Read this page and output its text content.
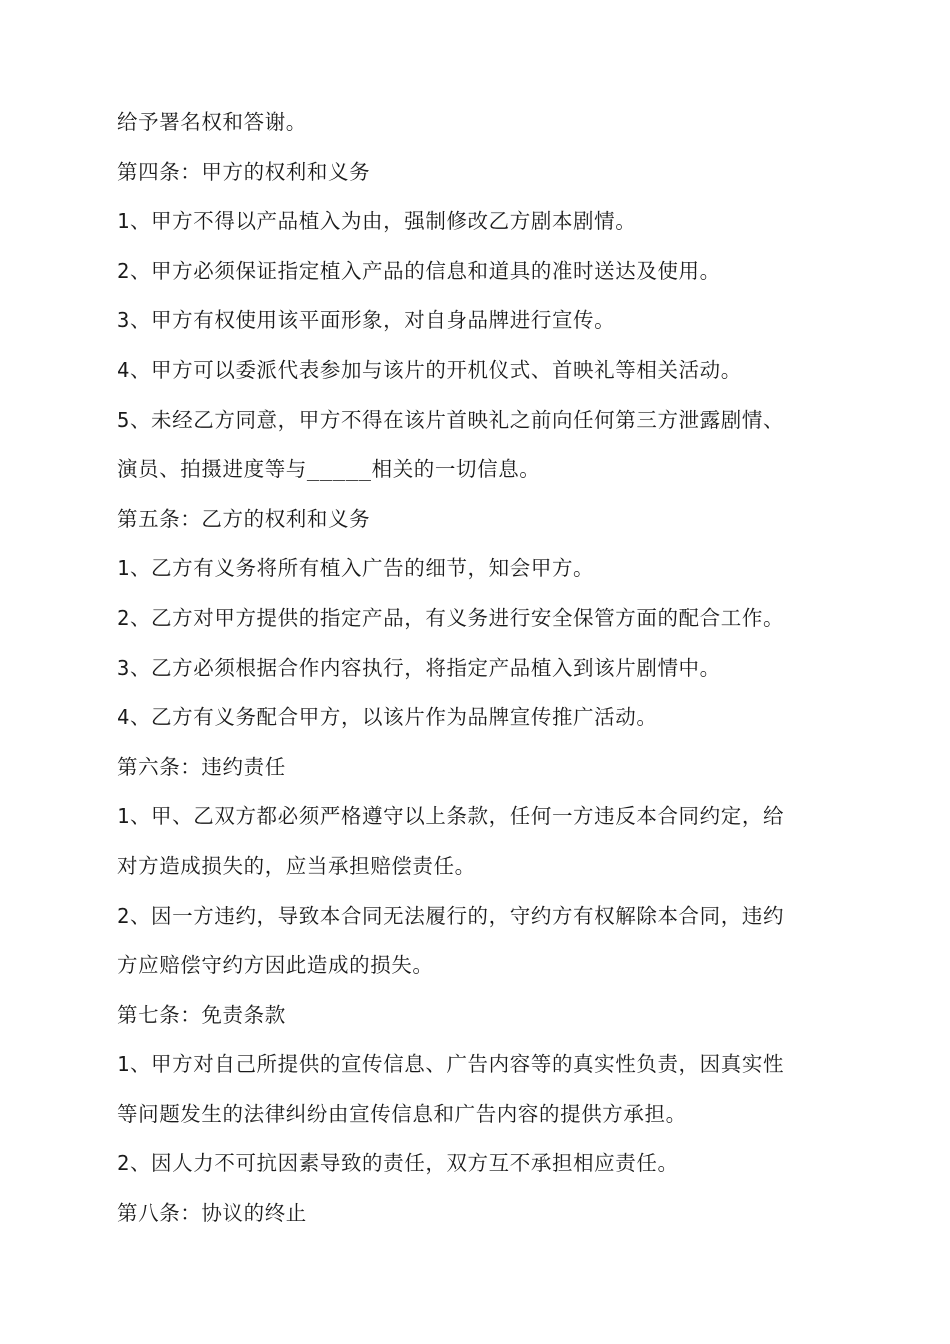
给予署名权和答谢。
第四条：甲方的权利和义务
1、甲方不得以产品植入为由，强制修改乙方剧本剧情。
2、甲方必须保证指定植入产品的信息和道具的准时送达及使用。
3、甲方有权使用该平面形象，对自身品牌进行宣传。
4、甲方可以委派代表参加与该片的开机仪式、首映礼等相关活动。
5、未经乙方同意，甲方不得在该片首映礼之前向任何第三方泄露剧情、
演员、拍摄进度等与_____相关的一切信息。
第五条：乙方的权利和义务
1、乙方有义务将所有植入广告的细节，知会甲方。
2、乙方对甲方提供的指定产品，有义务进行安全保管方面的配合工作。
3、乙方必须根据合作内容执行，将指定产品植入到该片剧情中。
4、乙方有义务配合甲方，以该片作为品牌宣传推广活动。
第六条：违约责任
1、甲、乙双方都必须严格遵守以上条款，任何一方违反本合同约定，给
对方造成损失的，应当承担赔偿责任。
2、因一方违约，导致本合同无法履行的，守约方有权解除本合同，违约
方应赔偿守约方因此造成的损失。
第七条：免责条款
1、甲方对自己所提供的宣传信息、广告内容等的真实性负责，因真实性
等问题发生的法律纠纷由宣传信息和广告内容的提供方承担。
2、因人力不可抗因素导致的责任，双方互不承担相应责任。
第八条：协议的终止
